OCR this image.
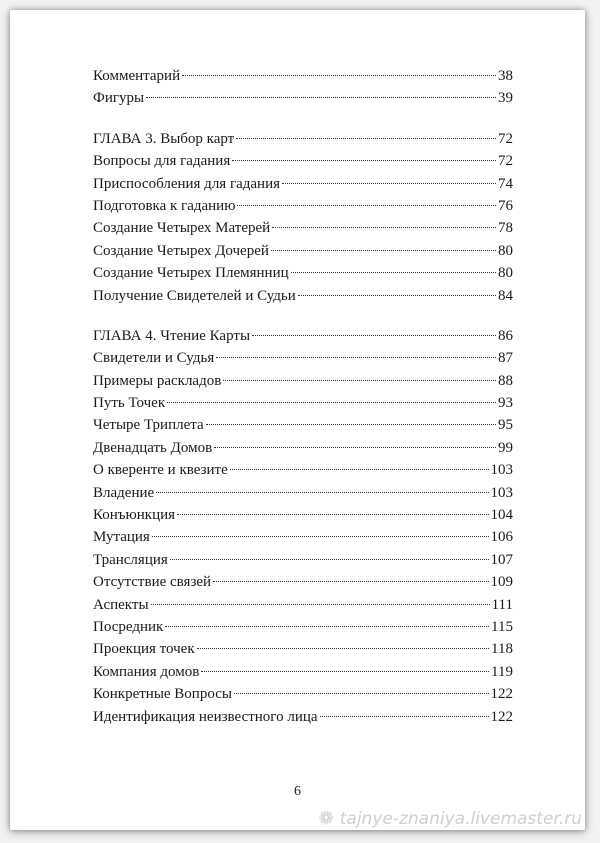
Комментарий	38
Фигуры	39
ГЛАВА 3. Выбор карт	72
Вопросы для гадания	72
Приспособления для гадания	74
Подготовка к гаданию	76
Создание Четырех Матерей	78
Создание Четырех Дочерей	80
Создание Четырех Племянниц	80
Получение Свидетелей и Судьи	84
ГЛАВА 4. Чтение Карты	86
Свидетели и Судья	87
Примеры раскладов	88
Путь Точек	93
Четыре Триплета	95
Двенадцать Домов	99
О кверенте и квезите	103
Владение	103
Конъюнкция	104
Мутация	106
Трансляция	107
Отсутствие связей	109
Аспекты	111
Посредник	115
Проекция точек	118
Компания домов	119
Конкретные Вопросы	122
Идентификация неизвестного лица	122
6
❁ tajnye-znaniya.livemaster.ru
